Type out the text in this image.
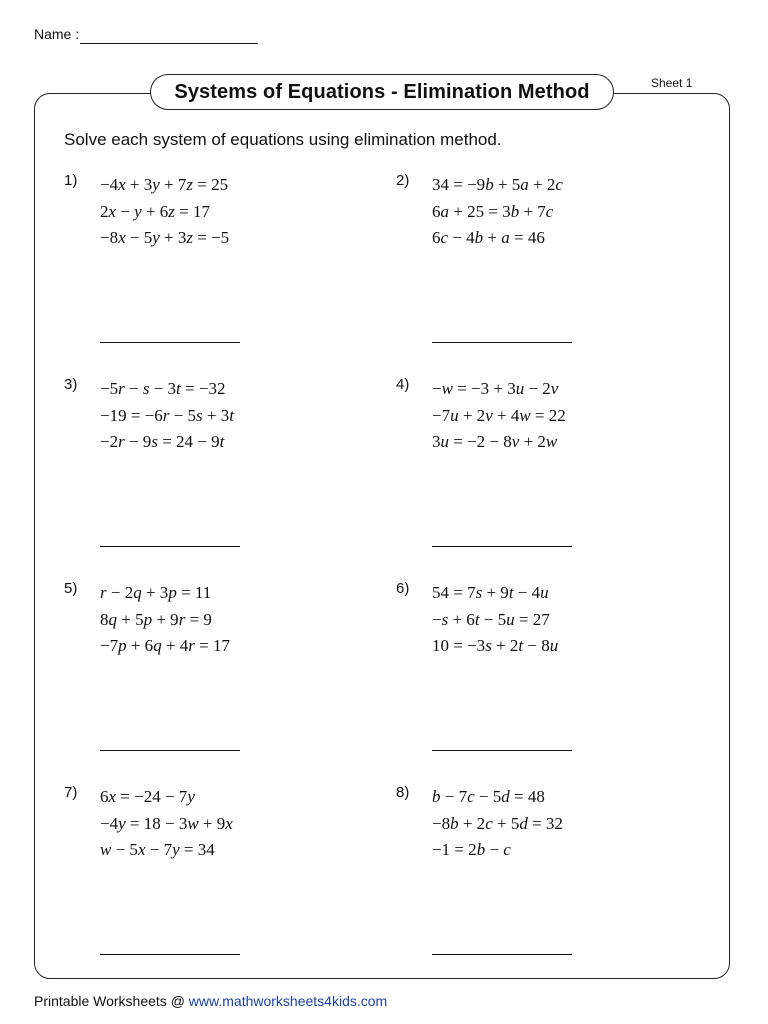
Name :
Systems of Equations - Elimination Method	Sheet 1
Solve each system of equations using elimination method.
1) −4x + 3y + 7z = 25
2x − y + 6z = 17
−8x − 5y + 3z = −5
2) 34 = −9b + 5a + 2c
6a + 25 = 3b + 7c
6c − 4b + a = 46
3) −5r − s − 3t = −32
−19 = −6r − 5s + 3t
−2r − 9s = 24 − 9t
4) −w = −3 + 3u − 2v
−7u + 2v + 4w = 22
3u = −2 − 8v + 2w
5) r − 2q + 3p = 11
8q + 5p + 9r = 9
−7p + 6q + 4r = 17
6) 54 = 7s + 9t − 4u
−s + 6t − 5u = 27
10 = −3s + 2t − 8u
7) 6x = −24 − 7y
−4y = 18 − 3w + 9x
w − 5x − 7y = 34
8) b − 7c − 5d = 48
−8b + 2c + 5d = 32
−1 = 2b − c
Printable Worksheets @ www.mathworksheets4kids.com
